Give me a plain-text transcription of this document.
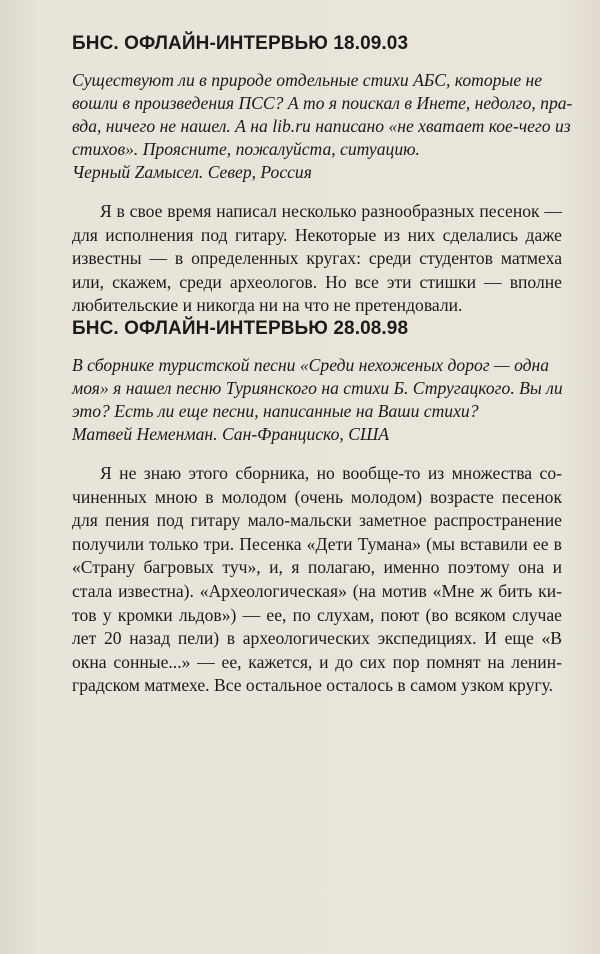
БНС. ОФЛАЙН-ИНТЕРВЬЮ 18.09.03
Существуют ли в природе отдельные стихи АБС, которые не
вошли в произведения ПСС? А то я поискал в Инете, недолго, пра-
вда, ничего не нашел. А на lib.ru написано «не хватает кое-чего из
стихов». Проясните, пожалуйста, ситуацию.
Черный Zамысел. Север, Россия
Я в свое время написал несколько разнообразных песенок —
для исполнения под гитару. Некоторые из них сделались даже
известны — в определенных кругах: среди студентов матмеха
или, скажем, среди археологов. Но все эти стишки — вполне
любительские и никогда ни на что не претендовали.
БНС. ОФЛАЙН-ИНТЕРВЬЮ 28.08.98
В сборнике туристской песни «Среди нехоженых дорог — одна
моя» я нашел песню Туриянского на стихи Б. Стругацкого. Вы ли
это? Есть ли еще песни, написанные на Ваши стихи?
Матвей Неменман. Сан-Франциско, США
Я не знаю этого сборника, но вообще-то из множества со-
чиненных мною в молодом (очень молодом) возрасте песенок
для пения под гитару мало-мальски заметное распространение
получили только три. Песенка «Дети Тумана» (мы вставили ее в
«Страну багровых туч», и, я полагаю, именно поэтому она и
стала известна). «Археологическая» (на мотив «Мне ж бить ки-
тов у кромки льдов») — ее, по слухам, поют (во всяком случае
лет 20 назад пели) в археологических экспедициях. И еще «В
окна сонные...» — ее, кажется, и до сих пор помнят на ленин-
градском матмехе. Все остальное осталось в самом узком кругу.
